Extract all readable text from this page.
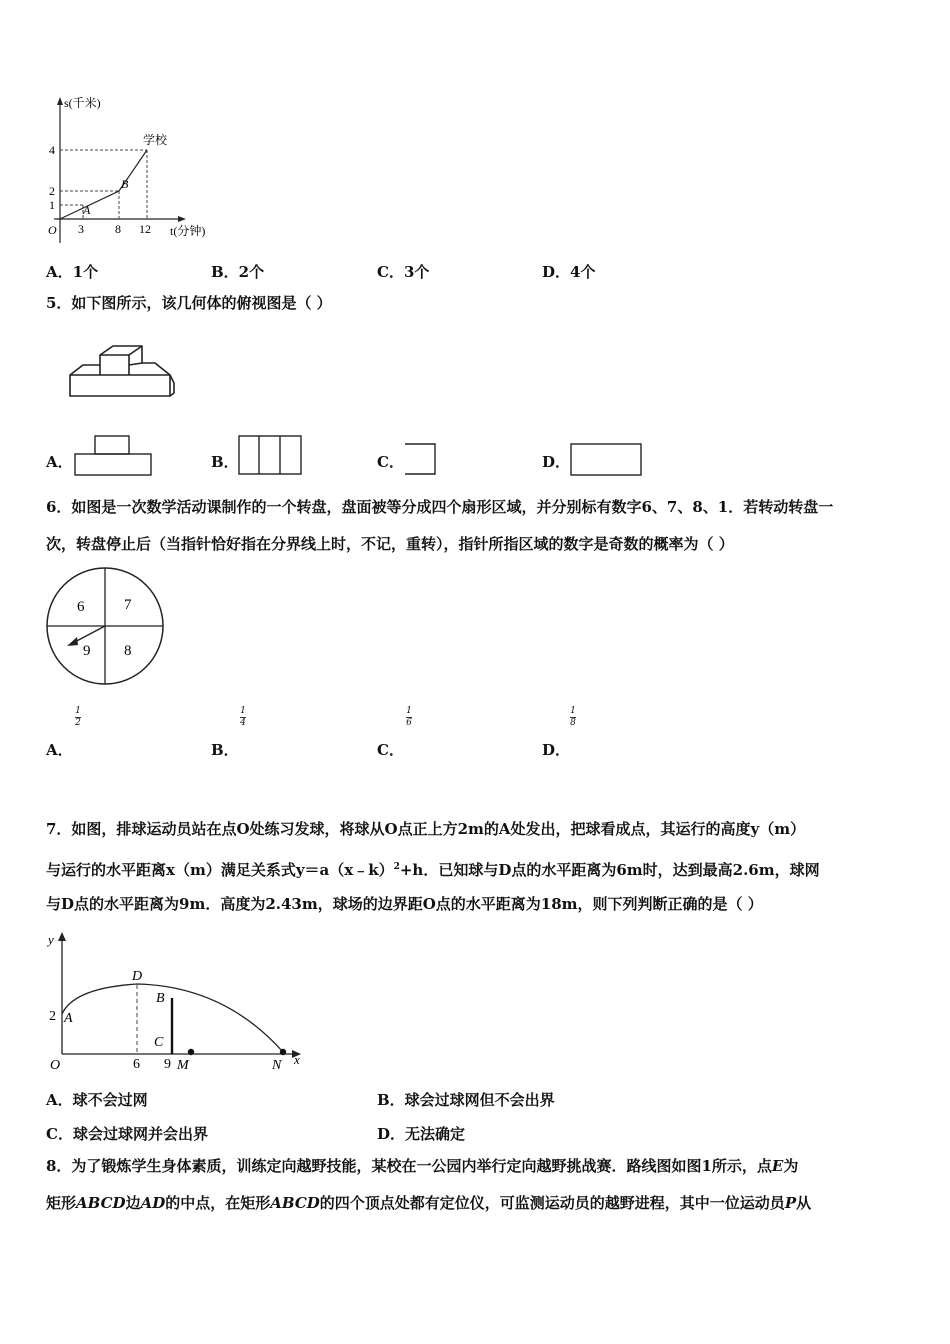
s(千米)
学校
4
2
1 A
B
O 3	8 12 t(分钟)
A．1个	B．2个	C．3个	D．4个
5．如下图所示，该几何体的俯视图是（ ）
A．	B．	C．	D．
6．如图是一次数学活动课制作的一个转盘，盘面被等分成四个扇形区域，并分别标有数字6、7、8、1．若转动转盘一
次，转盘停止后（当指针恰好指在分界线上时，不记，重转），指针所指区域的数字是奇数的概率为（ ）
6	7
9 8
A．
1
2
B．
1
4
C．
1
6
D．
1
8
7．如图，排球运动员站在点O处练习发球，将球从O点正上方2m的A处发出，把球看成点，其运行的高度y（m）
与运行的水平距离x（m）满足关系式y＝a（x﹣k）$^2$+h．已知球与D点的水平距离为6m时，达到最高2.6m，球网
与D点的水平距离为9m．高度为2.43m，球场的边界距O点的水平距离为18m，则下列判断正确的是（ ）
y
D
B
2 A
C
O	6 9 M	N x
A．球不会过网	B．球会过球网但不会出界
C．球会过球网并会出界	D．无法确定
8．为了锻炼学生身体素质，训练定向越野技能，某校在一公园内举行定向越野挑战赛．路线图如图1所示，点E为
矩形ABCD边AD的中点，在矩形ABCD的四个顶点处都有定位仪，可监测运动员的越野进程，其中一位运动员P从
